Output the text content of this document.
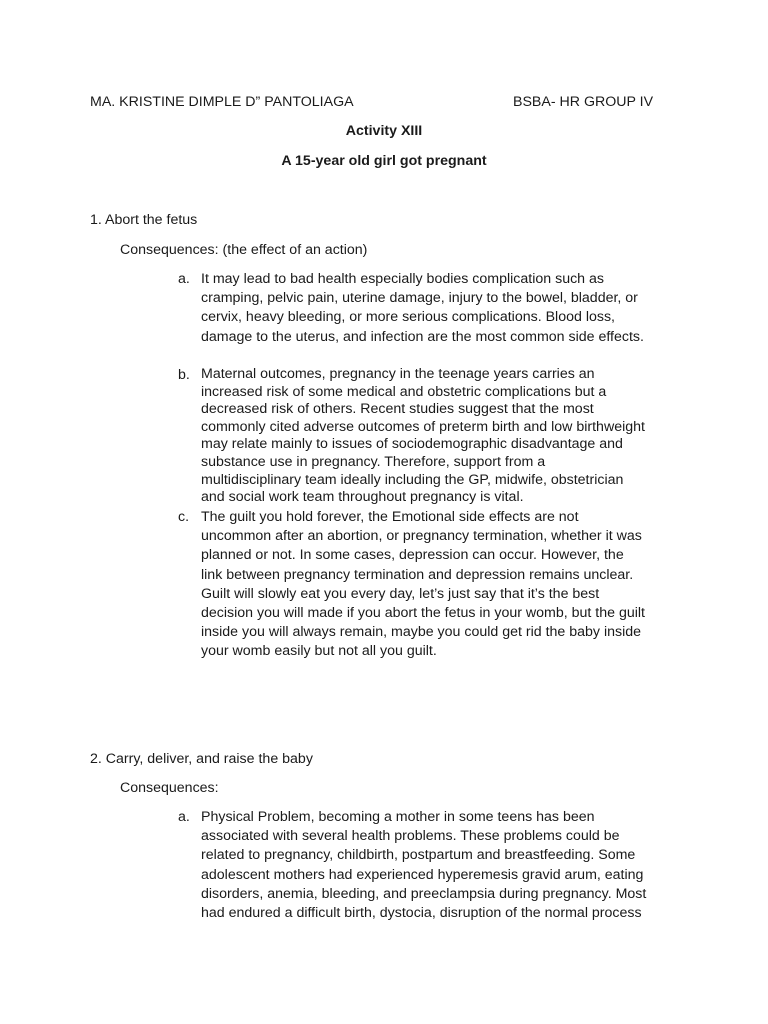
MA. KRISTINE DIMPLE D” PANTOLIAGA	BSBA- HR GROUP IV
Activity XIII
A 15-year old girl got pregnant
1. Abort the fetus
Consequences: (the effect of an action)
a. It may lead to bad health especially bodies complication such as
cramping, pelvic pain, uterine damage, injury to the bowel, bladder, or
cervix, heavy bleeding, or more serious complications. Blood loss,
damage to the uterus, and infection are the most common side effects.
b. Maternal outcomes, pregnancy in the teenage years carries an
increased risk of some medical and obstetric complications but a
decreased risk of others. Recent studies suggest that the most
commonly cited adverse outcomes of preterm birth and low birthweight
may relate mainly to issues of sociodemographic disadvantage and
substance use in pregnancy. Therefore, support from a
multidisciplinary team ideally including the GP, midwife, obstetrician
and social work team throughout pregnancy is vital.
c. The guilt you hold forever, the Emotional side effects are not
uncommon after an abortion, or pregnancy termination, whether it was
planned or not. In some cases, depression can occur. However, the
link between pregnancy termination and depression remains unclear.
Guilt will slowly eat you every day, let’s just say that it’s the best
decision you will made if you abort the fetus in your womb, but the guilt
inside you will always remain, maybe you could get rid the baby inside
your womb easily but not all you guilt.
2. Carry, deliver, and raise the baby
Consequences:
a. Physical Problem, becoming a mother in some teens has been
associated with several health problems. These problems could be
related to pregnancy, childbirth, postpartum and breastfeeding. Some
adolescent mothers had experienced hyperemesis gravid arum, eating
disorders, anemia, bleeding, and preeclampsia during pregnancy. Most
had endured a difficult birth, dystocia, disruption of the normal process
